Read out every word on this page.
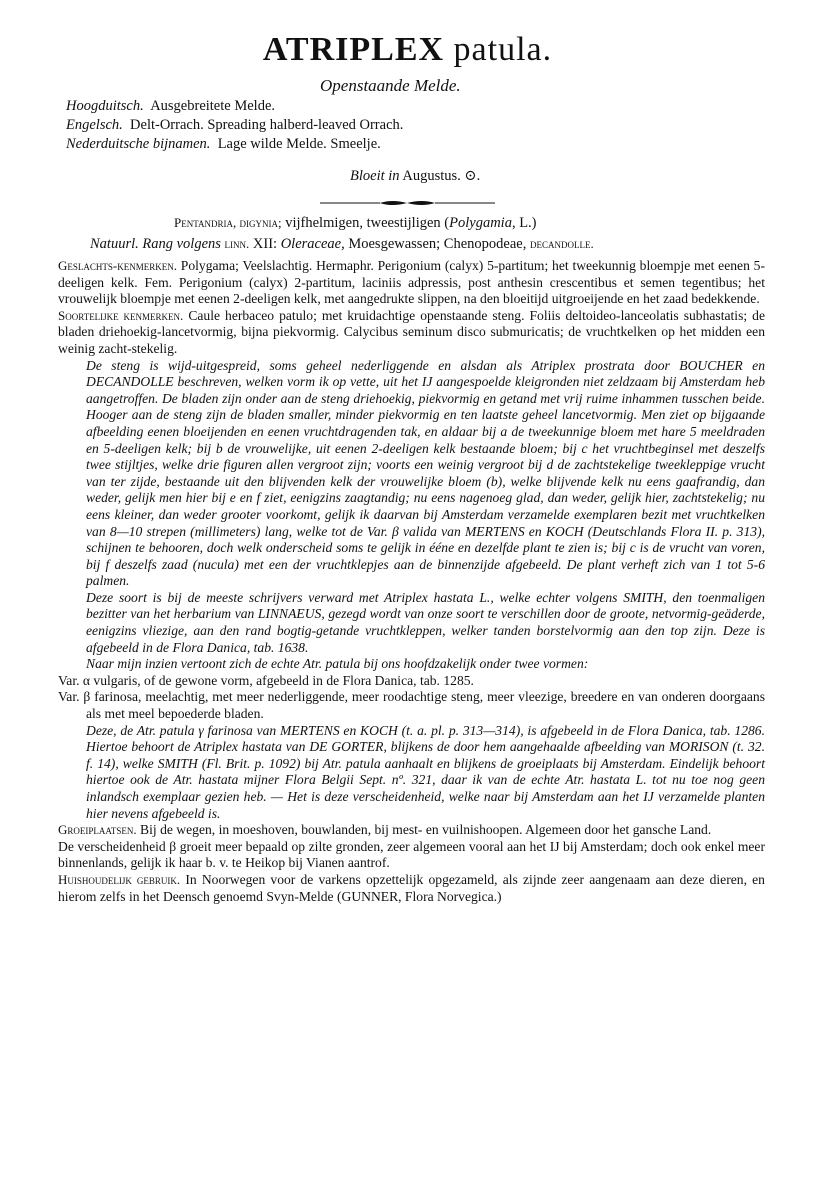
ATRIPLEX patula.
Openstaande Melde.
Hoogduitsch. Ausgebreitete Melde.
Engelsch. Delt-Orrach. Spreading halberd-leaved Orrach.
Nederduitsche bijnamen. Lage wilde Melde. Smeelje.
Bloeit in Augustus. ⊙.
Pentandria, digynia; vijfhelmigen, tweestijligen (Polygamia, L.)
Natuurl. Rang volgens linn. XII: Oleraceae, Moesgewassen; Chenopodeae, decandolle.

Geslachts-kenmerken. Polygama; Veelslachtig. Hermaphr. Perigonium (calyx) 5-partitum; het tweekunnig bloempje met eenen 5-deeligen kelk. Fem. Perigonium (calyx) 2-partitum, laciniis adpressis, post anthesin crescentibus et semen tegentibus; het vrouwelijk bloempje met eenen 2-deeligen kelk, met aangedrukte slippen, na den bloeitijd uitgroeijende en het zaad bedekkende.

Soortelijke kenmerken. Caule herbaceo patulo; met kruidachtige openstaande steng. Foliis deltoideo-lanceolatis subhastatis; de bladen driehoekig-lancetvormig, bijna piekvormig. Calycibus seminum disco submuricatis; de vruchtkelken op het midden een weinig zacht-stekelig.

De steng is wijd-uitgespreid, soms geheel nederliggende en alsdan als Atriplex prostrata door BOUCHER en DECANDOLLE beschreven, welken vorm ik op vette, uit het IJ aangespoelde kleigronden niet zeldzaam bij Amsterdam heb aangetroffen. De bladen zijn onder aan de steng driehoekig, piekvormig en getand met vrij ruime inhammen tusschen beide. Hooger aan de steng zijn de bladen smaller, minder piekvormig en ten laatste geheel lancetvormig. Men ziet op bijgaande afbeelding eenen bloeijenden en eenen vruchtdragenden tak, en aldaar bij a de tweekunnige bloem met hare 5 meeldraden en 5-deeligen kelk; bij b de vrouwelijke, uit eenen 2-deeligen kelk bestaande bloem; bij c het vruchtbeginsel met deszelfs twee stijltjes, welke drie figuren allen vergroot zijn; voorts een weinig vergroot bij d de zachtstekelige tweekleppige vrucht van ter zijde, bestaande uit den blijvenden kelk der vrouwelijke bloem (b), welke blijvende kelk nu eens gaafrandig, dan weder, gelijk men hier bij e en f ziet, eenigzins zaagtandig; nu eens nagenoeg glad, dan weder, gelijk hier, zachtstekelig; nu eens kleiner, dan weder grooter voorkomt, gelijk ik daarvan bij Amsterdam verzamelde exemplaren bezit met vruchtkelken van 8—10 strepen (millimeters) lang, welke tot de Var. β valida van MERTENS en KOCH (Deutschlands Flora II. p. 313), schijnen te behooren, doch welk onderscheid soms te gelijk in ééne en dezelfde plant te zien is; bij c is de vrucht van voren, bij f deszelfs zaad (nucula) met een der vruchtklepjes aan de binnenzijde afgebeeld. De plant verheft zich van 1 tot 5-6 palmen.

Deze soort is bij de meeste schrijvers verward met Atriplex hastata L., welke echter volgens SMITH, den toenmaligen bezitter van het herbarium van LINNAEUS, gezegd wordt van onze soort te verschillen door de groote, netvormig-geäderde, eenigzins vliezige, aan den rand bogtig-getande vruchtkleppen, welker tanden borstelvormig aan den top zijn. Deze is afgebeeld in de Flora Danica, tab. 1638.

Naar mijn inzien vertoont zich de echte Atr. patula bij ons hoofdzakelijk onder twee vormen:

Var. α vulgaris, of de gewone vorm, afgebeeld in de Flora Danica, tab. 1285.

Var. β farinosa, meelachtig, met meer nederliggende, meer roodachtige steng, meer vleezige, breedere en van onderen doorgaans als met meel bepoederde bladen.

Deze, de Atr. patula γ farinosa van MERTENS en KOCH (t. a. pl. p. 313—314), is afgebeeld in de Flora Danica, tab. 1286. Hiertoe behoort de Atriplex hastata van DE GORTER, blijkens de door hem aangehaalde afbeelding van MORISON (t. 32. f. 14), welke SMITH (Fl. Brit. p. 1092) bij Atr. patula aanhaalt en blijkens de groeiplaats bij Amsterdam. Eindelijk behoort hiertoe ook de Atr. hastata mijner Flora Belgii Sept. nº. 321, daar ik van de echte Atr. hastata L. tot nu toe nog geen inlandsch exemplaar gezien heb. — Het is deze verscheidenheid, welke naar bij Amsterdam aan het IJ verzamelde planten hier nevens afgebeeld is.

Groeiplaatsen. Bij de wegen, in moeshoven, bouwlanden, bij mest- en vuilnishoopen. Algemeen door het gansche Land.

De verscheidenheid β groeit meer bepaald op zilte gronden, zeer algemeen vooral aan het IJ bij Amsterdam; doch ook enkel meer binnenlands, gelijk ik haar b. v. te Heikop bij Vianen aantrof.

Huishoudelijk gebruik. In Noorwegen voor de varkens opzettelijk opgezameld, als zijnde zeer aangenaam aan deze dieren, en hierom zelfs in het Deensch genoemd Svyn-Melde (GUNNER, Flora Norvegica.)
